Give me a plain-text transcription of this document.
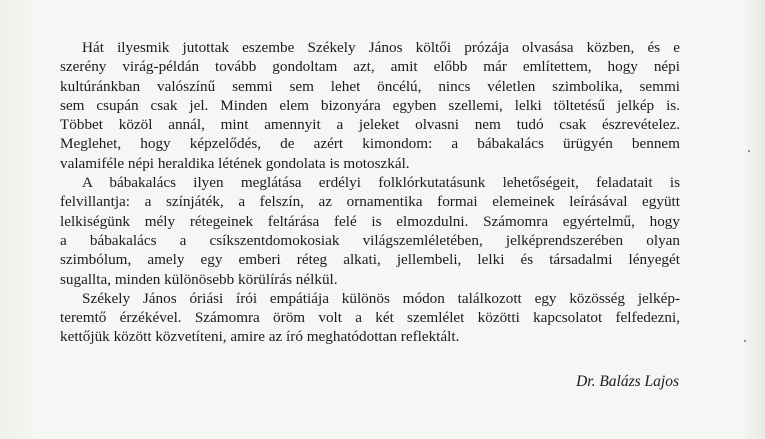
Hát ilyesmik jutottak eszembe Székely János költői prózája olvasása közben, és e
szerény virág-példán tovább gondoltam azt, amit előbb már említettem, hogy népi
kultúránkban valószínű semmi sem lehet öncélú, nincs véletlen szimbolika, semmi
sem csupán csak jel. Minden elem bizonyára egyben szellemi, lelki töltetésű jelkép is.
Többet közöl annál, mint amennyit a jeleket olvasni nem tudó csak észrevételez.
Meglehet, hogy képzelődés, de azért kimondom: a bábakalács ürügyén bennem
valamiféle népi heraldika létének gondolata is motoszkál.

A bábakalács ilyen meglátása erdélyi folklórkutatásunk lehetőségeit, feladatait is
felvillantja: a színjáték, a felszín, az ornamentika formai elemeinek leírásával együtt
lelkiségünk mély rétegeinek feltárása felé is elmozdulni. Számomra egyértelmű, hogy
a bábakalács a csíkszentdomokosiak világszemléletében, jelképrendszerében olyan
szimbólum, amely egy emberi réteg alkati, jellembeli, lelki és társadalmi lényegét
sugallta, minden különösebb körülírás nélkül.

Székely János óriási írói empátiája különös módon találkozott egy közösség jelkép-
teremtő érzékével. Számomra öröm volt a két szemlélet közötti kapcsolatot felfedezni,
kettőjük között közvetíteni, amire az író meghatódottan reflektált.

Dr. Balázs Lajos
